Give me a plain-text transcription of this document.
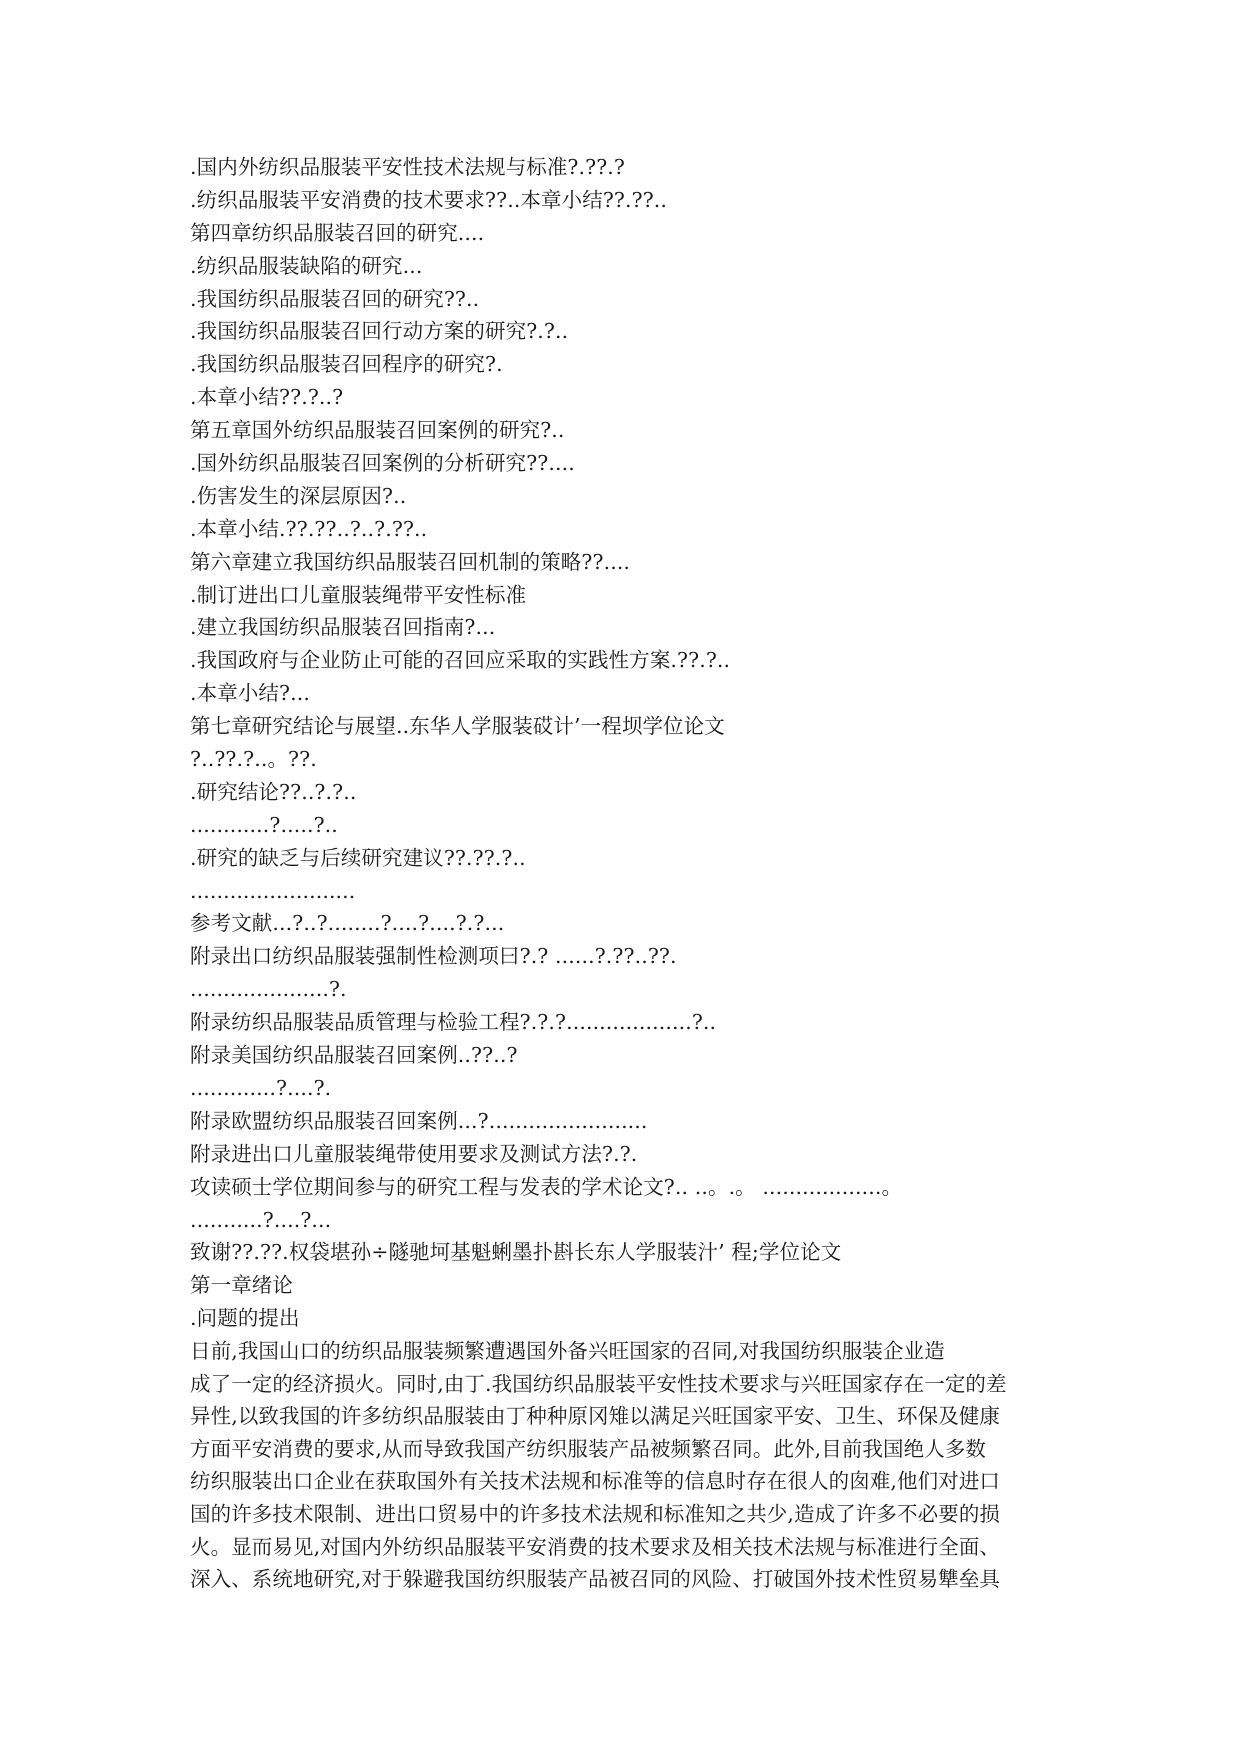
.国内外纺织品服装平安性技术法规与标准?.??.?
.纺织品服装平安消费的技术要求??..本章小结??.??..
第四章纺织品服装召回的研究....
.纺织品服装缺陷的研究...
.我国纺织品服装召回的研究??..
.我国纺织品服装召回行动方案的研究?.?..
.我国纺织品服装召回程序的研究?.
.本章小结??.?..?
第五章国外纺织品服装召回案例的研究?..
.国外纺织品服装召回案例的分析研究??....
.伤害发生的深层原因?..
.本章小结.??.??..?..?.??..
第六章建立我国纺织品服装召回机制的策略??....
.制订进出口儿童服装绳带平安性标准
.建立我国纺织品服装召回指南?...
.我国政府与企业防止可能的召回应采取的实践性方案.??.?..
.本章小结?...
第七章研究结论与展望..东华人学服装砹计’一程坝学位论文
?..??.?..。??.
.研究结论??..?.?..
............?.....?..
.研究的缺乏与后续研究建议??.??.?..
.........................
参考文献...?..?........?....?....?.?...
附录出口纺织品服装强制性检测项曰?.? ......?.??..??.
.....................?.
附录纺织品服装品质管理与检验工程?.?.?...................?..
附录美国纺织品服装召回案例..??..?
.............?....?.
附录欧盟纺织品服装召回案例...?........................
附录进出口儿童服装绳带使用要求及测试方法?.?.
攻读硕士学位期间参与的研究工程与发表的学术论文?.. ..。.。 ..................。
...........?....?...
致谢??.??.权袋堪孙÷隧驰坷基魁蜊墨扑斟长东人学服装汁’ 程;学位论文
第一章绪论
.问题的提出
日前,我国山口的纺织品服装频繁遭遇国外备兴旺国家的召同,对我国纺织服装企业造
成了一定的经济损火。同时,由丁.我国纺织品服装平安性技术要求与兴旺国家存在一定的差
异性,以致我国的许多纺织品服装由丁种种原冈雉以满足兴旺国家平安、卫生、环保及健康
方面平安消费的要求,从而导致我国产纺织服装产品被频繁召同。此外,目前我国绝人多数
纺织服装出口企业在获取国外有关技术法规和标准等的信息时存在很人的囱难,他们对进口
国的许多技术限制、进出口贸易中的许多技术法规和标准知之共少,造成了许多不必要的损
火。显而易见,对国内外纺织品服装平安消费的技术要求及相关技术法规与标准进行全面、
深入、系统地研究,对于躲避我国纺织服装产品被召同的风险、打破国外技术性贸易犨垒具
